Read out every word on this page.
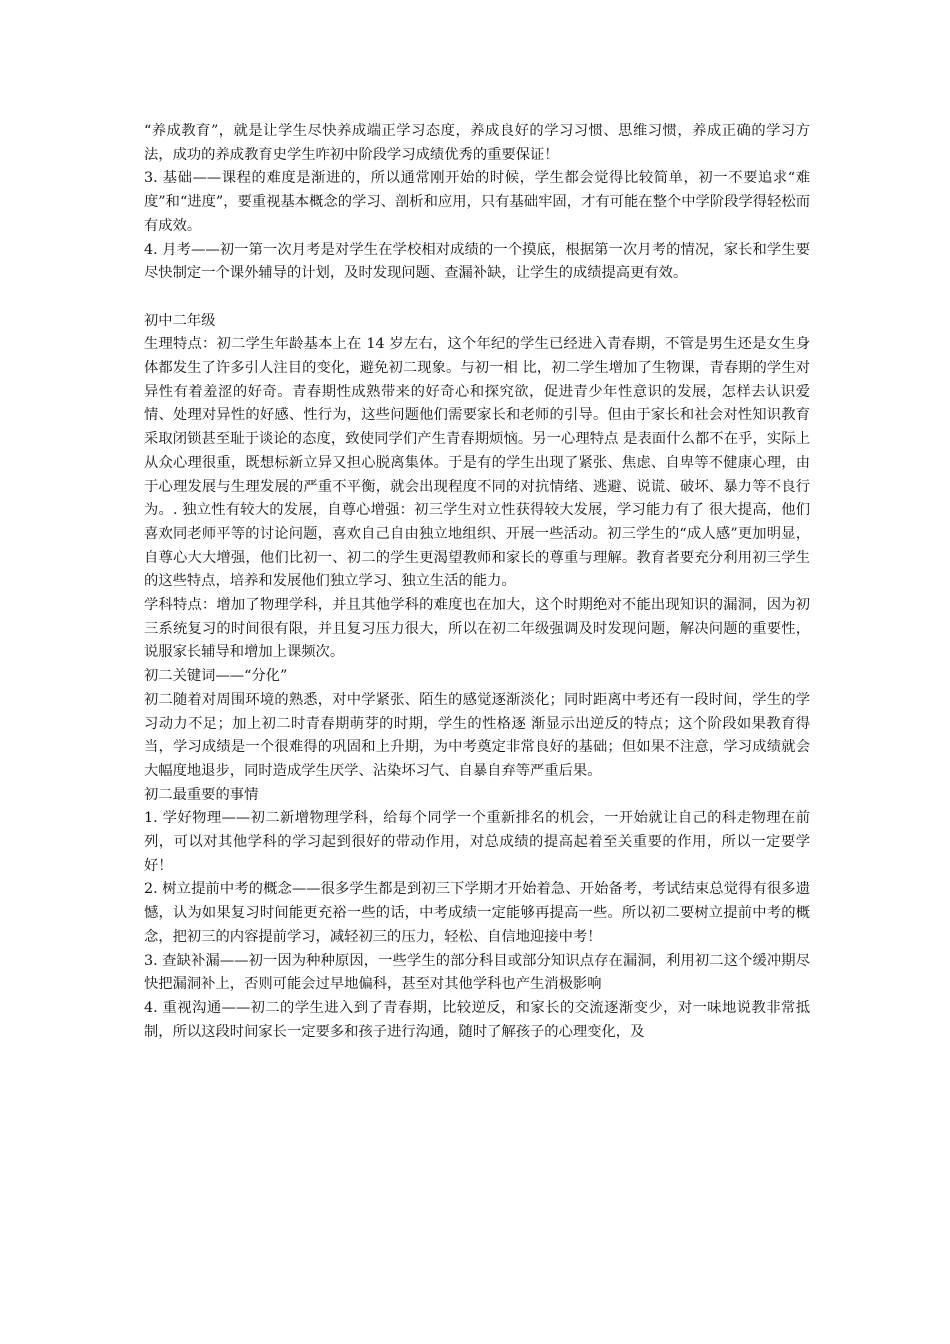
“养成教育”，就是让学生尽快养成端正学习态度，养成良好的学习习惯、思维习惯，养成正确的学习方法，成功的养成教育史学生咋初中阶段学习成绩优秀的重要保证！

3. 基础——课程的难度是渐进的，所以通常刚开始的时候，学生都会觉得比较简单，初一不要追求“难度”和“进度”，要重视基本概念的学习、剖析和应用，只有基础牢固，才有可能在整个中学阶段学得轻松而有成效。

4. 月考——初一第一次月考是对学生在学校相对成绩的一个摸底，根据第一次月考的情况，家长和学生要尽快制定一个课外辅导的计划，及时发现问题、查漏补缺，让学生的成绩提高更有效。

初中二年级

生理特点：初二学生年龄基本上在 14 岁左右，这个年纪的学生已经进入青春期，不管是男生还是女生身体都发生了许多引人注目的变化，避免初二现象。与初一相 比，初二学生增加了生物课，青春期的学生对异性有着羞涩的好奇。青春期性成熟带来的好奇心和探究欲，促进青少年性意识的发展，怎样去认识爱情、处理对异性的好感、性行为，这些问题他们需要家长和老师的引导。但由于家长和社会对性知识教育采取闭锁甚至耻于谈论的态度，致使同学们产生青春期烦恼。另一心理特点 是表面什么都不在乎，实际上从众心理很重，既想标新立异又担心脱离集体。于是有的学生出现了紧张、焦虑、自卑等不健康心理，由于心理发展与生理发展的严重不平衡，就会出现程度不同的对抗情绪、逃避、说谎、破坏、暴力等不良行为。. 独立性有较大的发展，自尊心增强：初三学生对立性获得较大发展，学习能力有了 很大提高，他们喜欢同老师平等的讨论问题，喜欢自己自由独立地组织、开展一些活动。初三学生的“成人感”更加明显，自尊心大大增强，他们比初一、初二的学生更渴望教师和家长的尊重与理解。教育者要充分利用初三学生的这些特点，培养和发展他们独立学习、独立生活的能力。

学科特点：增加了物理学科，并且其他学科的难度也在加大，这个时期绝对不能出现知识的漏洞，因为初三系统复习的时间很有限，并且复习压力很大，所以在初二年级强调及时发现问题，解决问题的重要性，说服家长辅导和增加上课频次。

初二关键词——“分化”

初二随着对周围环境的熟悉，对中学紧张、陌生的感觉逐渐淡化；同时距离中考还有一段时间，学生的学习动力不足；加上初二时青春期萌芽的时期，学生的性格逐 渐显示出逆反的特点；这个阶段如果教育得当，学习成绩是一个很难得的巩固和上升期，为中考奠定非常良好的基础；但如果不注意，学习成绩就会大幅度地退步，同时造成学生厌学、沾染坏习气、自暴自弃等严重后果。

初二最重要的事情

1. 学好物理——初二新增物理学科，给每个同学一个重新排名的机会，一开始就让自己的科走物理在前列，可以对其他学科的学习起到很好的带动作用，对总成绩的提高起着至关重要的作用，所以一定要学好！

2. 树立提前中考的概念——很多学生都是到初三下学期才开始着急、开始备考，考试结束总觉得有很多遗憾，认为如果复习时间能更充裕一些的话，中考成绩一定能够再提高一些。所以初二要树立提前中考的概念，把初三的内容提前学习，减轻初三的压力，轻松、自信地迎接中考！

3. 查缺补漏——初一因为种种原因，一些学生的部分科目或部分知识点存在漏洞，利用初二这个缓冲期尽快把漏洞补上，否则可能会过早地偏科，甚至对其他学科也产生消极影响

4. 重视沟通——初二的学生进入到了青春期，比较逆反，和家长的交流逐渐变少，对一味地说教非常抵制，所以这段时间家长一定要多和孩子进行沟通，随时了解孩子的心理变化，及
